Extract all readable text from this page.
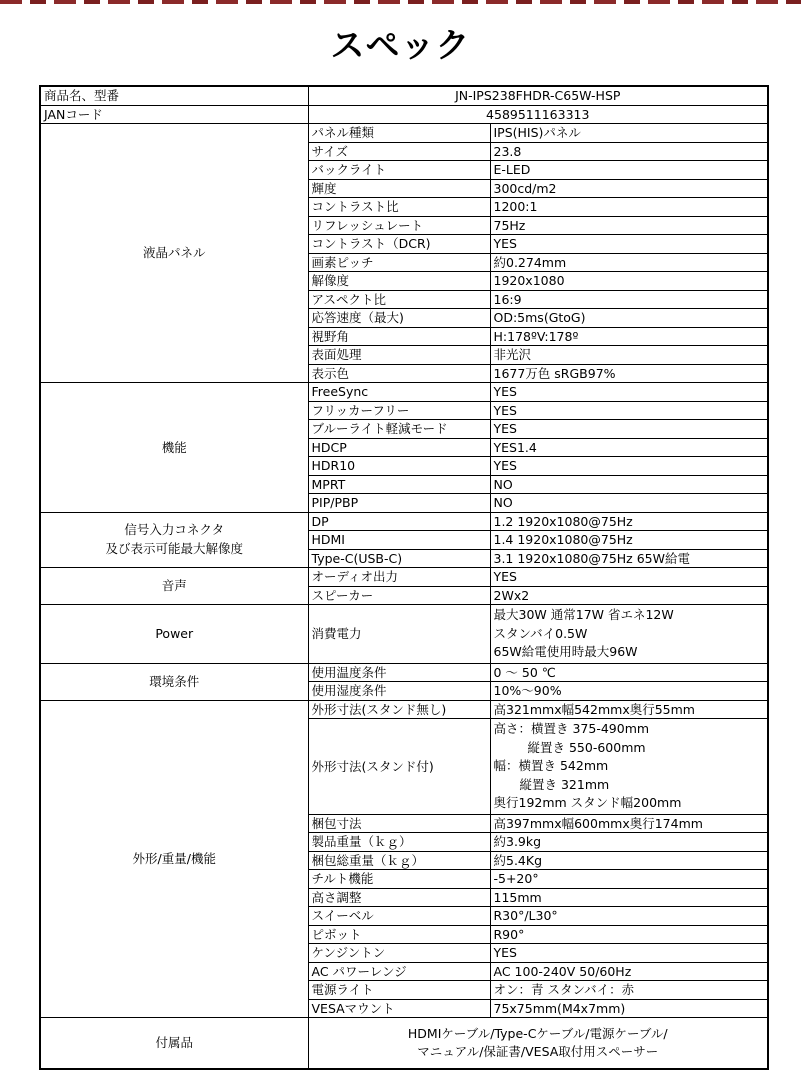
スペック
商品名、型番	JN-IPS238FHDR-C65W-HSP	
JANコード	4589511163313	
液晶パネル	パネル種類	IPS(HIS)パネル
	サイズ	23.8
	バックライト	E-LED
	輝度	300cd/m2
	コントラスト比	1200:1
	リフレッシュレート	75Hz
	コントラスト（DCR)	YES
	画素ピッチ	約0.274mm
	解像度	1920x1080
	アスペクト比	16:9
	応答速度（最大)	OD:5ms(GtoG)
	視野角	H:178ºV:178º
	表面処理	非光沢
	表示色	1677万色 sRGB97%
機能	FreeSync	YES
	フリッカーフリー	YES
	ブルーライト軽減モード	YES
	HDCP	YES1.4
	HDR10	YES
	MPRT	NO
	PIP/PBP	NO

信号入力コネクタ
及び表示可能最大解像度	DP	1.2 1920x1080@75Hz
	HDMI	1.4 1920x1080@75Hz
	Type-C(USB-C)	3.1 1920x1080@75Hz 65W給電
音声	オーディオ出力	YES
	スピーカー	2Wx2
Power	消費電力	最大30W 通常17W 省エネ12W
スタンバイ0.5W
65W給電使用時最大96W

環境条件	使用温度条件	0 ～ 50 ℃
	使用湿度条件	10%～90%
外形/重量/機能	外形寸法(スタンド無し)	高321mmx幅542mmx奥行55mm
	外形寸法(スタンド付)	高さ：横置き 375-490mm
縦置き 550-600mm
幅：横置き 542mm
縦置き 321mm
奥行192mm スタンド幅200mm

	梱包寸法	高397mmx幅600mmx奥行174mm
	製品重量（ｋｇ）	約3.9kg
	梱包総重量（ｋｇ）	約5.4Kg
	チルト機能	-5+20°
	高さ調整	115mm
	スイーベル	R30°/L30°
	ピボット	R90°
	ケンジントン	YES
	AC パワーレンジ	AC 100-240V 50/60Hz
	電源ライト	オン：青 スタンバイ：赤
	VESAマウント	75x75mm(M4x7mm)
付属品	HDMIケーブル/Type-Cケーブル/電源ケーブル/
マニュアル/保証書/VESA取付用スペーサー	
